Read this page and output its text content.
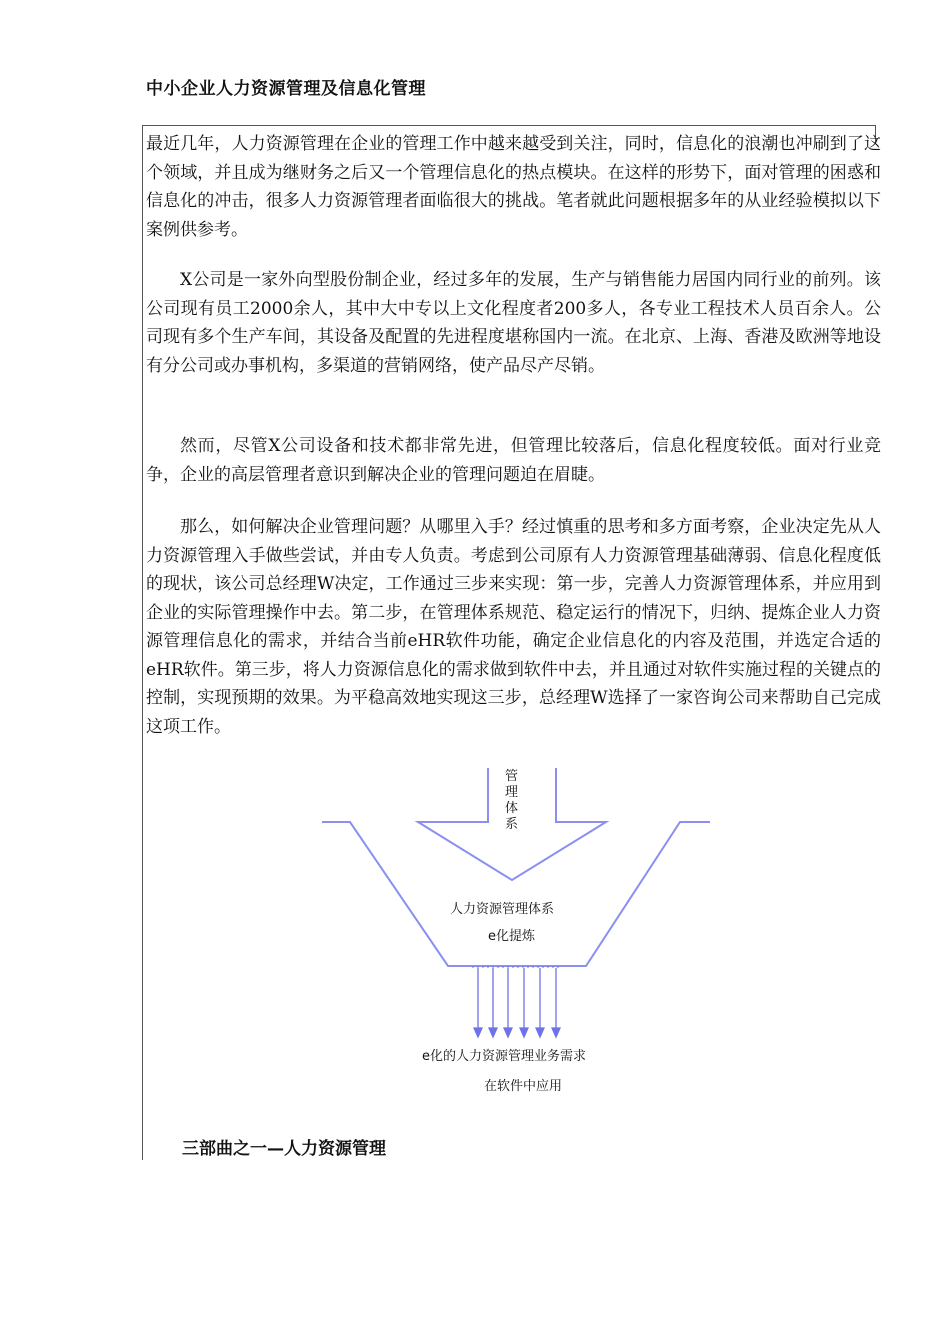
中小企业人力资源管理及信息化管理

最近几年，人力资源管理在企业的管理工作中越来越受到关注，同时，信息化的浪潮也冲刷到了这个领域，并且成为继财务之后又一个管理信息化的热点模块。在这样的形势下，面对管理的困惑和信息化的冲击，很多人力资源管理者面临很大的挑战。笔者就此问题根据多年的从业经验模拟以下案例供参考。

X公司是一家外向型股份制企业，经过多年的发展，生产与销售能力居国内同行业的前列。该公司现有员工2000余人，其中大中专以上文化程度者200多人，各专业工程技术人员百余人。公司现有多个生产车间，其设备及配置的先进程度堪称国内一流。在北京、上海、香港及欧洲等地设有分公司或办事机构，多渠道的营销网络，使产品尽产尽销。

然而，尽管X公司设备和技术都非常先进，但管理比较落后，信息化程度较低。面对行业竞争，企业的高层管理者意识到解决企业的管理问题迫在眉睫。

那么，如何解决企业管理问题？从哪里入手？经过慎重的思考和多方面考察，企业决定先从人力资源管理入手做些尝试，并由专人负责。考虑到公司原有人力资源管理基础薄弱、信息化程度低的现状，该公司总经理W决定，工作通过三步来实现：第一步，完善人力资源管理体系，并应用到企业的实际管理操作中去。第二步，在管理体系规范、稳定运行的情况下，归纳、提炼企业人力资源管理信息化的需求，并结合当前eHR软件功能，确定企业信息化的内容及范围，并选定合适的eHR软件。第三步，将人力资源信息化的需求做到软件中去，并且通过对软件实施过程的关键点的控制，实现预期的效果。为平稳高效地实现这三步，总经理W选择了一家咨询公司来帮助自己完成这项工作。

管
理
体
系
人力资源管理体系
e化提炼
e化的人力资源管理业务需求
在软件中应用
三部曲之一—人力资源管理
